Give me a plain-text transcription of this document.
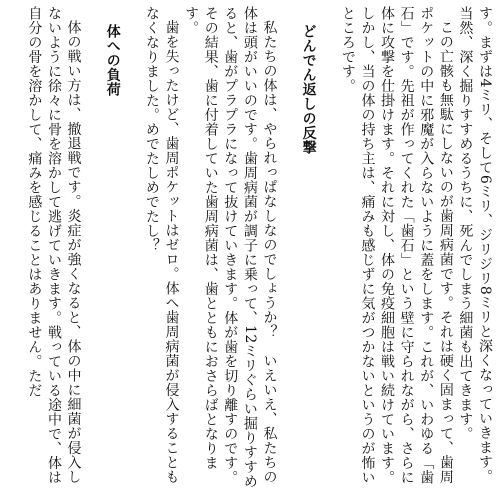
す。まずは4ミリ、そして6ミリ、ジリジリ8ミリと深くなっていきます。当然、深く掘りすすめるうちに、死んでしまう細菌も出てきます。

この亡骸も無駄にしないのが歯周病菌です。それは硬く固まって、歯周ポケットの中に邪魔が入らないように蓋をします。これが、いわゆる「歯石」です。先祖が作ってくれた「歯石」という壁に守られながら、さらに体に攻撃を仕掛けます。それに対し、体の免疫細胞は戦い続けています。しかし、当の体の持ち主は、痛みも感じずに気がつかないというのが怖いところです。

どんでん返しの反撃

私たちの体は、やられっぱなしなのでしょうか？　いえいえ、私たちの体は頭がいいのです。歯周病菌が調子に乗って、12ミリぐらい掘りすすめると、歯がプラプラになって抜けていきます。体が歯を切り離すのです。その結果、歯に付着していた歯周病菌は、歯とともにおさらばとなります。

歯を失ったけど、歯周ポケットはゼロ。体へ歯周病菌が侵入することもなくなりました。めでたしめでたし？

体への負荷

体の戦い方は、撤退戦です。炎症が強くなると、体の中に細菌が侵入しないように徐々に骨を溶かして逃げていきます。戦っている途中で、体は自分の骨を溶かして、痛みを感じることはありません。ただ
